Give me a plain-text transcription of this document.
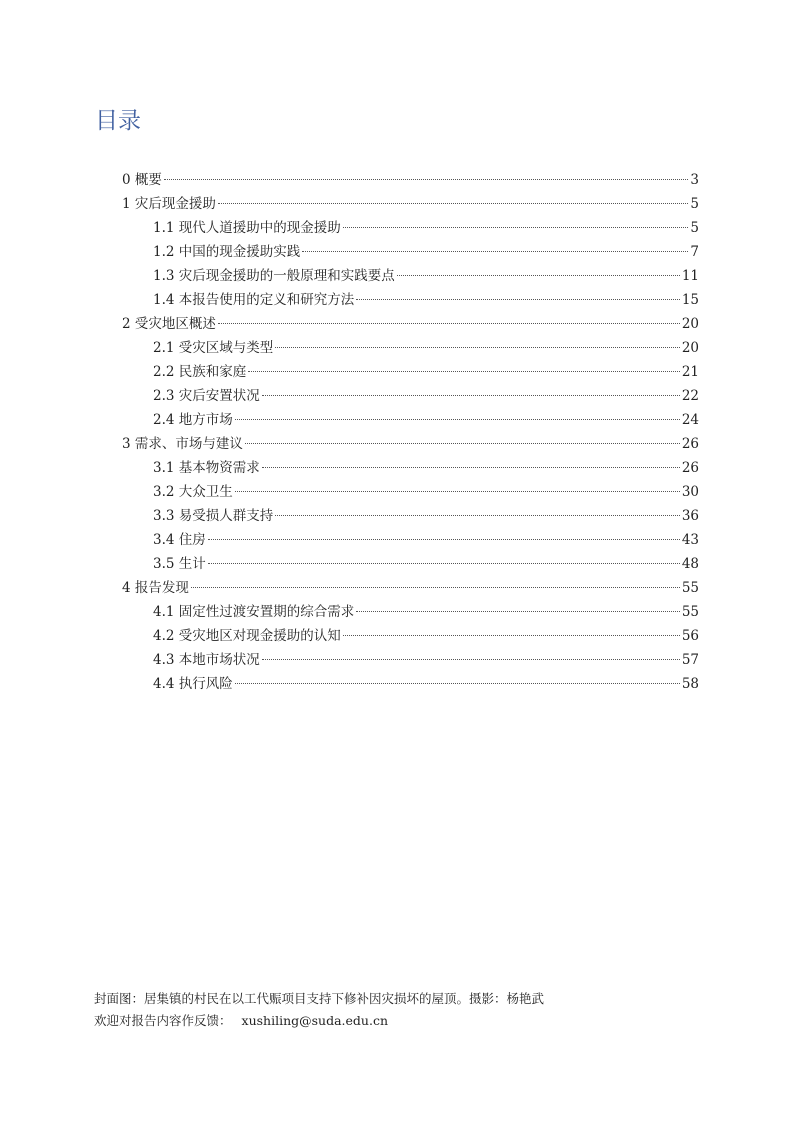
目录
0 概要	3
1 灾后现金援助	5
1.1 现代人道援助中的现金援助	5
1.2 中国的现金援助实践	7
1.3 灾后现金援助的一般原理和实践要点	11
1.4 本报告使用的定义和研究方法	15
2 受灾地区概述	20
2.1 受灾区域与类型	20
2.2 民族和家庭	21
2.3 灾后安置状况	22
2.4 地方市场	24
3 需求、市场与建议	26
3.1 基本物资需求	26
3.2 大众卫生	30
3.3 易受损人群支持	36
3.4 住房	43
3.5 生计	48
4 报告发现	55
4.1 固定性过渡安置期的综合需求	55
4.2 受灾地区对现金援助的认知	56
4.3 本地市场状况	57
4.4 执行风险	58
封面图：居集镇的村民在以工代赈项目支持下修补因灾损坏的屋顶。摄影：杨艳武
欢迎对报告内容作反馈： xushiling@suda.edu.cn
